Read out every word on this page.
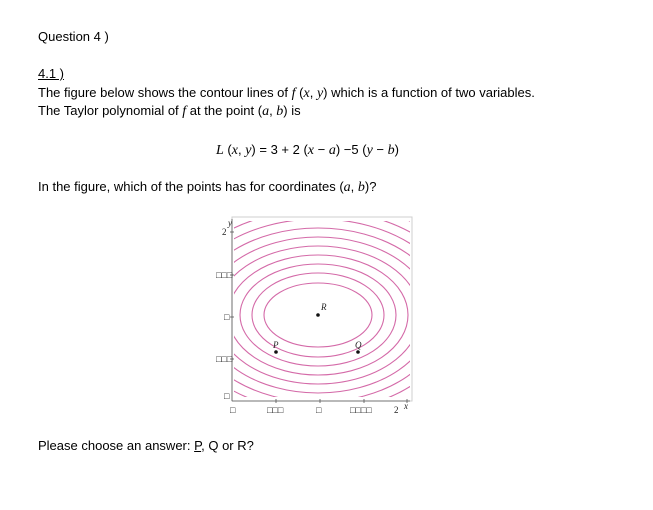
Question 4 )
4.1 )
The figure below shows the contour lines of f (x, y) which is a function of two variables.
The Taylor polynomial of f at the point (a, b) is
L (x, y) = 3 + 2 (x − a) −5 (y − b)
In the figure, which of the points has for coordinates (a, b)?
y
x
2
□□□
□
□□□
□
□	□□□	□	□□□□ 2
R
P	Q
Please choose an answer: P, Q or R?
